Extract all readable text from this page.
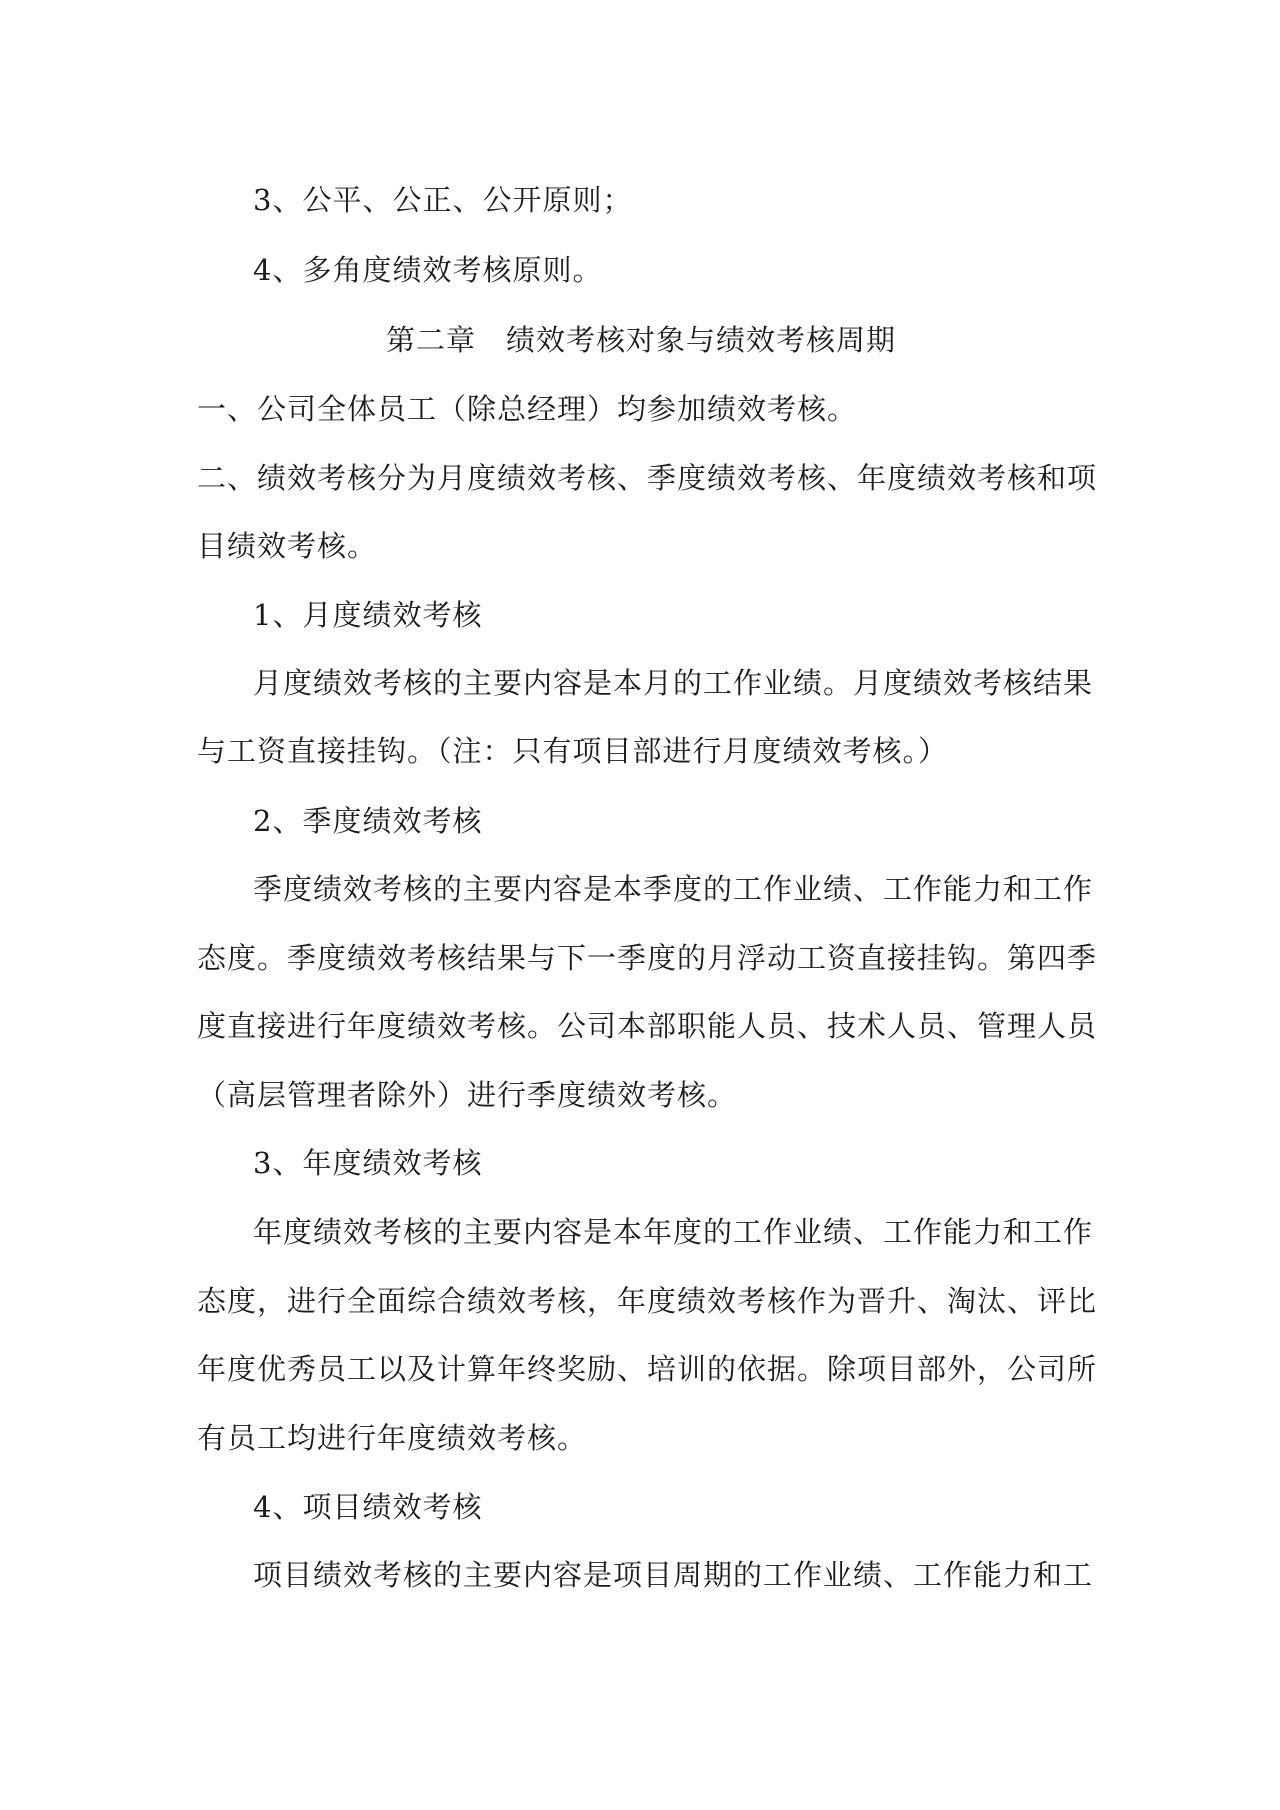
3、公平、公正、公开原则；
4、多角度绩效考核原则。
第二章　绩效考核对象与绩效考核周期
一、公司全体员工（除总经理）均参加绩效考核。
二、绩效考核分为月度绩效考核、季度绩效考核、年度绩效考核和项
目绩效考核。
1、月度绩效考核
月度绩效考核的主要内容是本月的工作业绩。月度绩效考核结果
与工资直接挂钩。（注：只有项目部进行月度绩效考核。）
2、季度绩效考核
季度绩效考核的主要内容是本季度的工作业绩、工作能力和工作
态度。季度绩效考核结果与下一季度的月浮动工资直接挂钩。第四季
度直接进行年度绩效考核。公司本部职能人员、技术人员、管理人员
（高层管理者除外）进行季度绩效考核。
3、年度绩效考核
年度绩效考核的主要内容是本年度的工作业绩、工作能力和工作
态度，进行全面综合绩效考核，年度绩效考核作为晋升、淘汰、评比
年度优秀员工以及计算年终奖励、培训的依据。除项目部外，公司所
有员工均进行年度绩效考核。
4、项目绩效考核
项目绩效考核的主要内容是项目周期的工作业绩、工作能力和工
